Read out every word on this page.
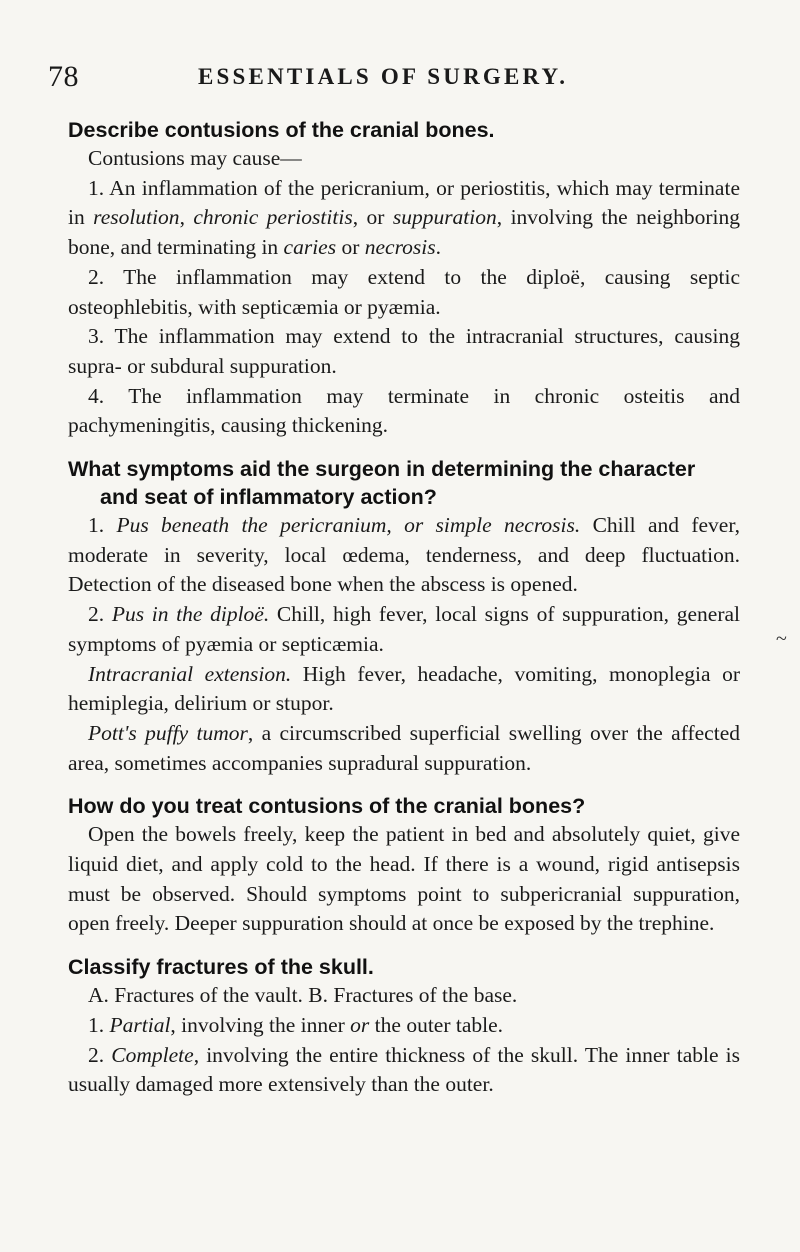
78	ESSENTIALS OF SURGERY.
Describe contusions of the cranial bones.

Contusions may cause—

1. An inflammation of the pericranium, or periostitis, which may terminate in resolution, chronic periostitis, or suppuration, involving the neighboring bone, and terminating in caries or necrosis.

2. The inflammation may extend to the diploë, causing septic osteophlebitis, with septicæmia or pyæmia.

3. The inflammation may extend to the intracranial structures, causing supra- or subdural suppuration.

4. The inflammation may terminate in chronic osteitis and pachymeningitis, causing thickening.

What symptoms aid the surgeon in determining the character
and seat of inflammatory action?

1. Pus beneath the pericranium, or simple necrosis. Chill and fever, moderate in severity, local œdema, tenderness, and deep fluctuation. Detection of the diseased bone when the abscess is opened.

2. Pus in the diploë. Chill, high fever, local signs of suppuration, general symptoms of pyæmia or septicæmia.

Intracranial extension. High fever, headache, vomiting, monoplegia or hemiplegia, delirium or stupor.

Pott's puffy tumor, a circumscribed superficial swelling over the affected area, sometimes accompanies supradural suppuration.

How do you treat contusions of the cranial bones?

Open the bowels freely, keep the patient in bed and absolutely quiet, give liquid diet, and apply cold to the head. If there is a wound, rigid antisepsis must be observed. Should symptoms point to subpericranial suppuration, open freely. Deeper suppuration should at once be exposed by the trephine.

Classify fractures of the skull.

A. Fractures of the vault. B. Fractures of the base.

1. Partial, involving the inner or the outer table.

2. Complete, involving the entire thickness of the skull. The inner table is usually damaged more extensively than the outer.

~
